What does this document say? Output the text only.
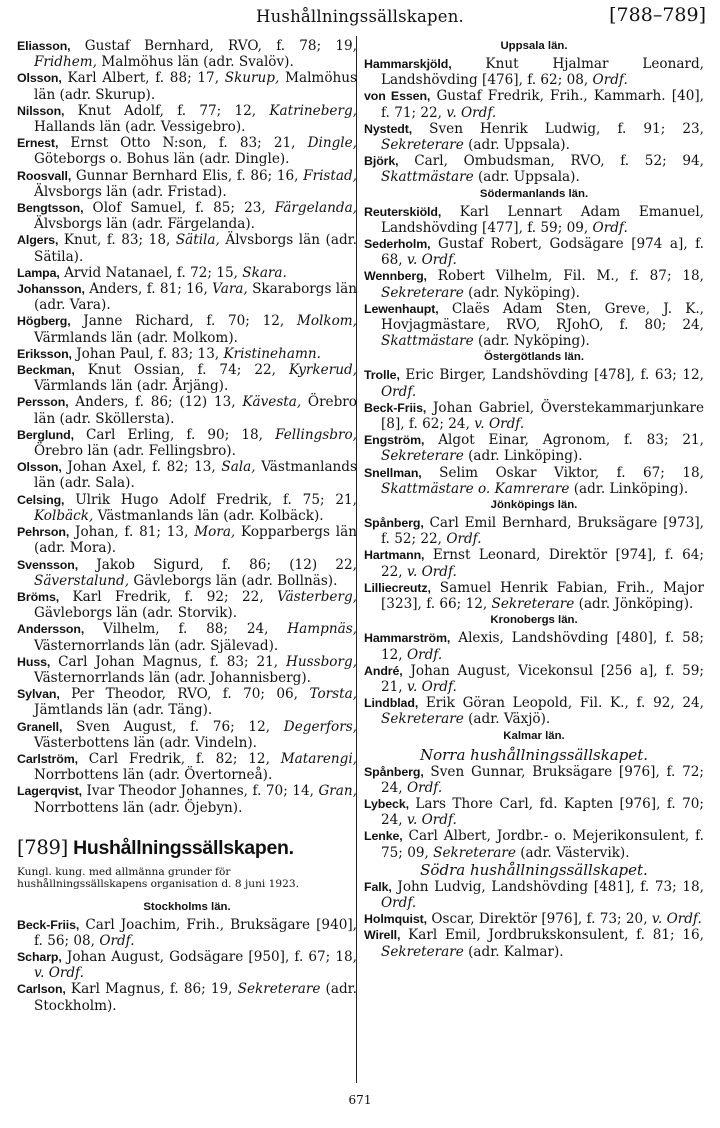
Hushållningssällskapen.	[788–789]
Eliasson, Gustaf Bernhard, RVO, f. 78; 19, Fridhem, Malmöhus län (adr. Svalöv).
Olsson, Karl Albert, f. 88; 17, Skurup, Malmöhus län (adr. Skurup).
Nilsson, Knut Adolf, f. 77; 12, Katrineberg, Hallands län (adr. Vessigebro).
Ernest, Ernst Otto N:son, f. 83; 21, Dingle, Göteborgs o. Bohus län (adr. Dingle).
Roosvall, Gunnar Bernhard Elis, f. 86; 16, Fristad, Älvsborgs län (adr. Fristad).
Bengtsson, Olof Samuel, f. 85; 23, Färgelanda, Älvsborgs län (adr. Färgelanda).
Algers, Knut, f. 83; 18, Sätila, Älvsborgs län (adr. Sätila).
Lampa, Arvid Natanael, f. 72; 15, Skara.
Johansson, Anders, f. 81; 16, Vara, Skaraborgs län (adr. Vara).
Högberg, Janne Richard, f. 70; 12, Molkom, Värmlands län (adr. Molkom).
Eriksson, Johan Paul, f. 83; 13, Kristinehamn.
Beckman, Knut Ossian, f. 74; 22, Kyrkerud, Värmlands län (adr. Årjäng).
Persson, Anders, f. 86; (12) 13, Kävesta, Örebro län (adr. Sköllersta).
Berglund, Carl Erling, f. 90; 18, Fellingsbro, Örebro län (adr. Fellingsbro).
Olsson, Johan Axel, f. 82; 13, Sala, Västmanlands län (adr. Sala).
Celsing, Ulrik Hugo Adolf Fredrik, f. 75; 21, Kolbäck, Västmanlands län (adr. Kolbäck).
Pehrson, Johan, f. 81; 13, Mora, Kopparbergs län (adr. Mora).
Svensson, Jakob Sigurd, f. 86; (12) 22, Säverstalund, Gävleborgs län (adr. Bollnäs).
Bröms, Karl Fredrik, f. 92; 22, Västerberg, Gävleborgs län (adr. Storvik).
Andersson, Vilhelm, f. 88; 24, Hampnäs, Västernorrlands län (adr. Själevad).
Huss, Carl Johan Magnus, f. 83; 21, Hussborg, Västernorrlands län (adr. Johannisberg).
Sylvan, Per Theodor, RVO, f. 70; 06, Torsta, Jämtlands län (adr. Täng).
Granell, Sven August, f. 76; 12, Degerfors, Västerbottens län (adr. Vindeln).
Carlström, Carl Fredrik, f. 82; 12, Matarengi, Norrbottens län (adr. Övertorneå).
Lagerqvist, Ivar Theodor Johannes, f. 70; 14, Gran, Norrbottens län (adr. Öjebyn).
[789] Hushållningssällskapen.
Kungl. kung. med allmänna grunder för hushållningssällskapens organisation d. 8 juni 1923.
Stockholms län.
Beck-Friis, Carl Joachim, Frih., Bruksägare [940], f. 56; 08, Ordf.
Scharp, Johan August, Godsägare [950], f. 67; 18, v. Ordf.
Carlson, Karl Magnus, f. 86; 19, Sekreterare (adr. Stockholm).
Uppsala län.
Hammarskjöld, Knut Hjalmar Leonard, Landshövding [476], f. 62; 08, Ordf.
von Essen, Gustaf Fredrik, Frih., Kammarh. [40], f. 71; 22, v. Ordf.
Nystedt, Sven Henrik Ludwig, f. 91; 23, Sekreterare (adr. Uppsala).
Björk, Carl, Ombudsman, RVO, f. 52; 94, Skattmästare (adr. Uppsala).
Södermanlands län.
Reuterskiöld, Karl Lennart Adam Emanuel, Landshövding [477], f. 59; 09, Ordf.
Sederholm, Gustaf Robert, Godsägare [974 a], f. 68, v. Ordf.
Wennberg, Robert Vilhelm, Fil. M., f. 87; 18, Sekreterare (adr. Nyköping).
Lewenhaupt, Claës Adam Sten, Greve, J. K., Hovjagmästare, RVO, RJohO, f. 80; 24, Skattmästare (adr. Nyköping).
Östergötlands län.
Trolle, Eric Birger, Landshövding [478], f. 63; 12, Ordf.
Beck-Friis, Johan Gabriel, Överstekammarjunkare [8], f. 62; 24, v. Ordf.
Engström, Algot Einar, Agronom, f. 83; 21, Sekreterare (adr. Linköping).
Snellman, Selim Oskar Viktor, f. 67; 18, Skattmästare o. Kamrerare (adr. Linköping).
Jönköpings län.
Spånberg, Carl Emil Bernhard, Bruksägare [973], f. 52; 22, Ordf.
Hartmann, Ernst Leonard, Direktör [974], f. 64; 22, v. Ordf.
Lilliecreutz, Samuel Henrik Fabian, Frih., Major [323], f. 66; 12, Sekreterare (adr. Jönköping).
Kronobergs län.
Hammarström, Alexis, Landshövding [480], f. 58; 12, Ordf.
André, Johan August, Vicekonsul [256 a], f. 59; 21, v. Ordf.
Lindblad, Erik Göran Leopold, Fil. K., f. 92, 24, Sekreterare (adr. Växjö).
Kalmar län.
Norra hushållningssällskapet.
Spånberg, Sven Gunnar, Bruksägare [976], f. 72; 24, Ordf.
Lybeck, Lars Thore Carl, fd. Kapten [976], f. 70; 24, v. Ordf.
Lenke, Carl Albert, Jordbr.- o. Mejerikonsulent, f. 75; 09, Sekreterare (adr. Västervik).
Södra hushållningssällskapet.
Falk, John Ludvig, Landshövding [481], f. 73; 18, Ordf.
Holmquist, Oscar, Direktör [976], f. 73; 20, v. Ordf.
Wirell, Karl Emil, Jordbrukskonsulent, f. 81; 16, Sekreterare (adr. Kalmar).
671
